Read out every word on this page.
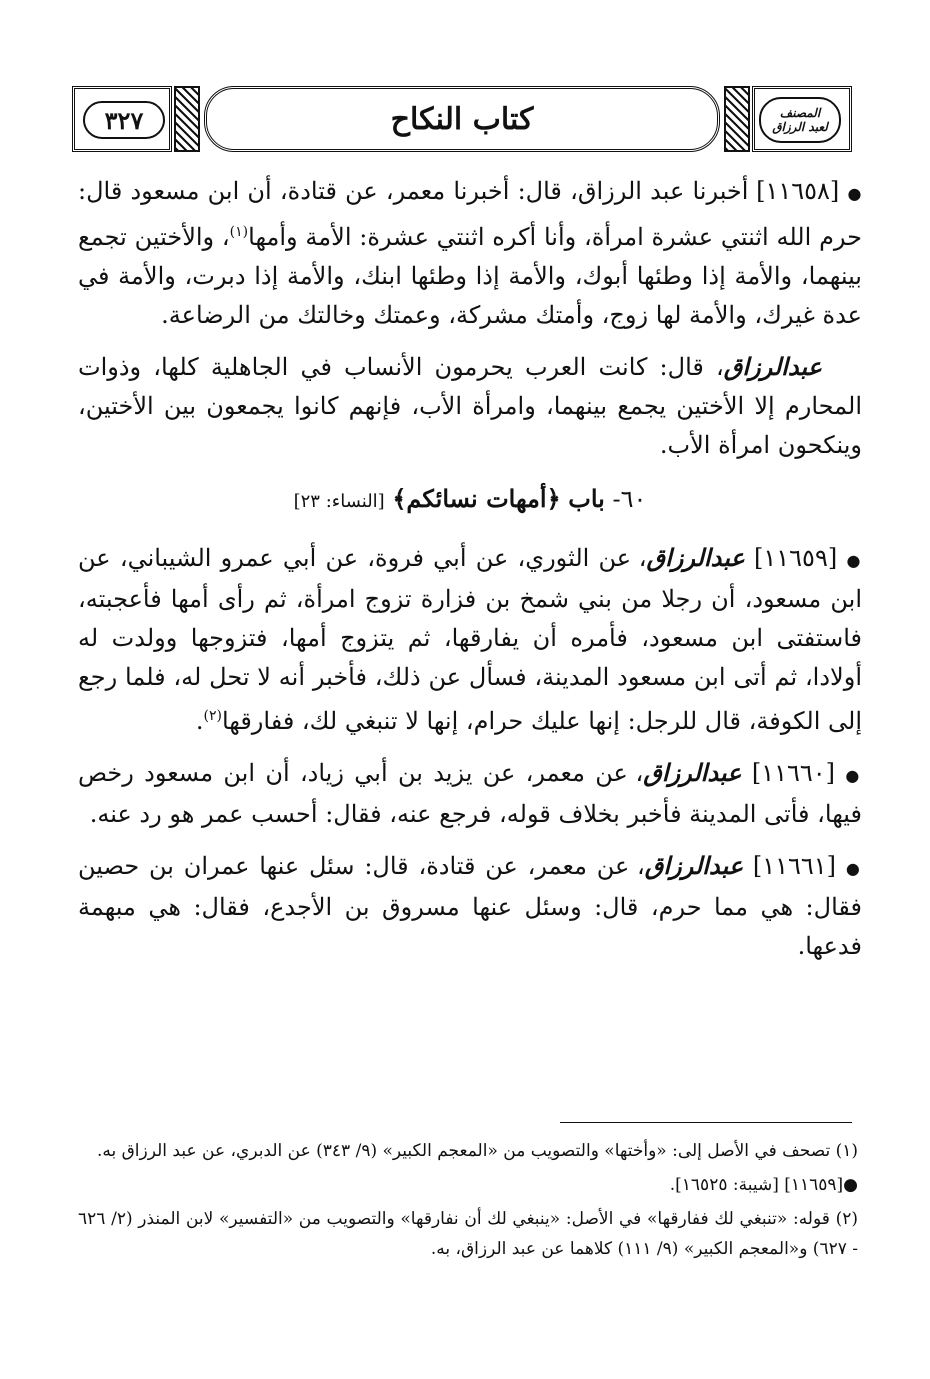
٣٢٧	كتاب النكاح	المصنف
لعبد الرزاق

● [١١٦٥٨] أخبرنا عبد الرزاق، قال: أخبرنا معمر، عن قتادة، أن ابن مسعود قال: حرم الله اثنتي عشرة امرأة، وأنا أكره اثنتي عشرة: الأمة وأمها$^{(١)}$، والأختين تجمع بينهما، والأمة إذا وطئها أبوك، والأمة إذا وطئها ابنك، والأمة إذا دبرت، والأمة في عدة غيرك، والأمة لها زوج، وأمتك مشركة، وعمتك وخالتك من الرضاعة.

عبدالرزاق، قال: كانت العرب يحرمون الأنساب في الجاهلية كلها، وذوات المحارم إلا الأختين يجمع بينهما، وامرأة الأب، فإنهم كانوا يجمعون بين الأختين، وينكحون امرأة الأب.

٦٠- باب ﴿أمهات نسائكم﴾ [النساء: ٢٣]

● [١١٦٥٩] عبدالرزاق، عن الثوري، عن أبي فروة، عن أبي عمرو الشيباني، عن ابن مسعود، أن رجلا من بني شمخ بن فزارة تزوج امرأة، ثم رأى أمها فأعجبته، فاستفتى ابن مسعود، فأمره أن يفارقها، ثم يتزوج أمها، فتزوجها وولدت له أولادا، ثم أتى ابن مسعود المدينة، فسأل عن ذلك، فأخبر أنه لا تحل له، فلما رجع إلى الكوفة، قال للرجل: إنها عليك حرام، إنها لا تنبغي لك، ففارقها$^{(٢)}$.

● [١١٦٦٠] عبدالرزاق، عن معمر، عن يزيد بن أبي زياد، أن ابن مسعود رخص فيها، فأتى المدينة فأخبر بخلاف قوله، فرجع عنه، فقال: أحسب عمر هو رد عنه.

● [١١٦٦١] عبدالرزاق، عن معمر، عن قتادة، قال: سئل عنها عمران بن حصين فقال: هي مما حرم، قال: وسئل عنها مسروق بن الأجدع، فقال: هي مبهمة فدعها.

(١) تصحف في الأصل إلى: «وأختها» والتصويب من «المعجم الكبير» (٩/ ٣٤٣) عن الدبري، عن عبد الرزاق به.

●[١١٦٥٩] [شيبة: ١٦٥٢٥].

(٢) قوله: «تنبغي لك ففارقها» في الأصل: «ينبغي لك أن نفارقها» والتصويب من «التفسير» لابن المنذر (٢/ ٦٢٦ - ٦٢٧) و«المعجم الكبير» (٩/ ١١١) كلاهما عن عبد الرزاق، به.
